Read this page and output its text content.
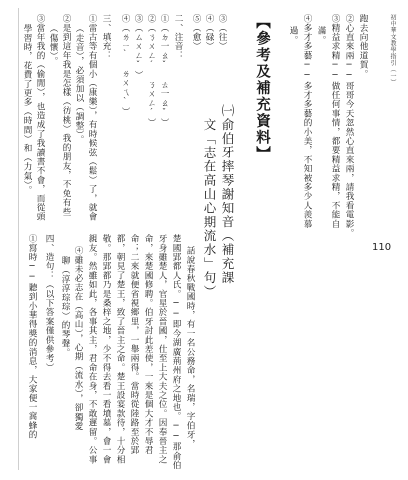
初中華文教學指引（一）
110
跑去向他道賀。
②心直來兩──哥哥今天忽然心直來兩，請我看電影。
③精益求精──做任何事情，都要精益求精，不能自
滿。
④多才多藝──多才多藝的小美，不知被多少人羨慕
過。
【參考及補充資料】
㈠俞伯牙摔琴謝知音（補充課
文「志在高山心期流水」句）
話說春秋戰國時，有一名公務命，名瑞，字伯牙，
楚國郢都人氏。──即今湖廣荊州府之地也。──那俞伯
牙身雖楚人，官星於晉國，仕至上大夫之位。因奉晉主之
命，來楚國修聘。伯牙討此差使，一來是個大才不辱君
命；二來就便省視鄉里，一舉兩得。當時從陸路至於郢
都，朝見了楚王，致了晉主之命。楚王設宴款待，十分相
敬。那郢都乃是桑梓之地，少不得去看一看墳墓，會一會
親友。然雖如此，各事其主，君命在身，不敢遲留。公事
③（往）
④（碌）
⑤（愈）
二、注音：
①（ㄉ一ㄠˇ　ㄊ一ㄠˇ）
②（ㄋㄨㄥˊ　ㄋㄨㄥˊ）
③（ㄙㄨㄥˇ）
④（ㄌㄧˋ　ㄌㄨㄟˋ）
三、填充：
①雷古等有個小（康樂），有時候弦（鬆）了，就會
（走音），必須加以（調整）。
②是到這年我是怎樣（彷桃）我的朋友，不免有些
（傷懷）。
③當年我的（偷閒），也造成了我讀書不會，而從頭
學習時，花費了更多（時間）和（力氣）。
④雖未必志在（高山），心期（流水），卻獨愛
聊（淳淳琮琮）的琴聲。
四、造句：（以下答案僅供參考）
①寫時──聽到小華得獎的消息，大家便一窩蜂的
